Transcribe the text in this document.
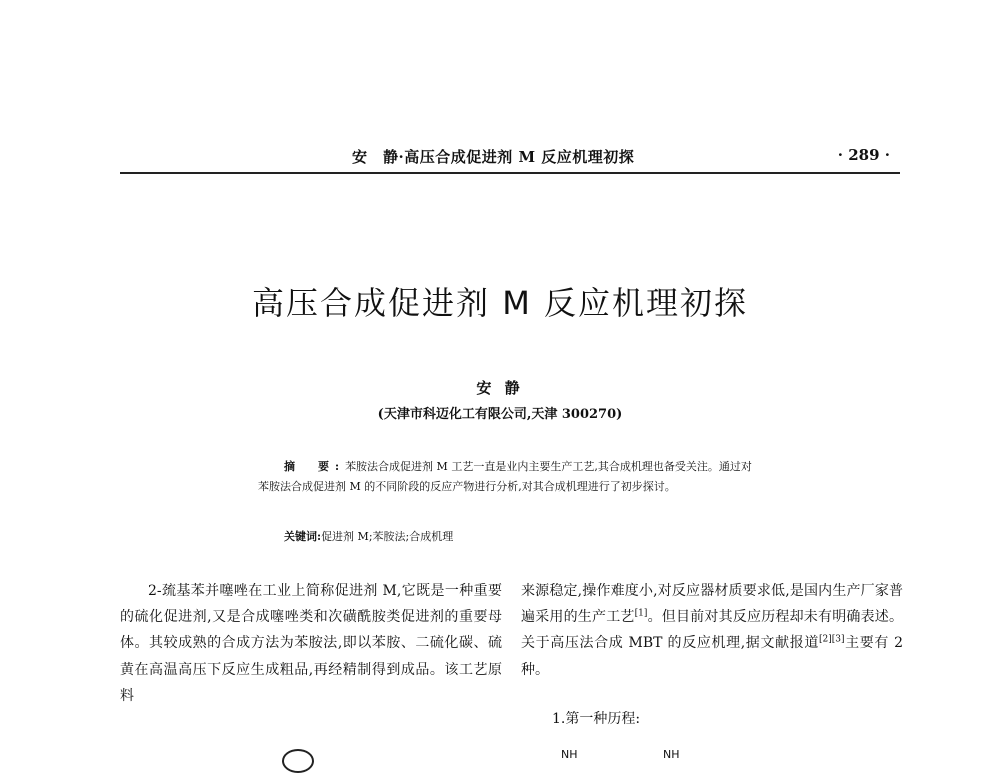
安　静·高压合成促进剂 M 反应机理初探	· 289 ·
高压合成促进剂 M 反应机理初探
安 静
(天津市科迈化工有限公司,天津 300270)
摘　要:苯胺法合成促进剂 M 工艺一直是业内主要生产工艺,其合成机理也备受关注。通过对苯胺法合成促进剂 M 的不同阶段的反应产物进行分析,对其合成机理进行了初步探讨。
关键词:促进剂 M;苯胺法;合成机理
2-巯基苯并噻唑在工业上简称促进剂 M,它既是一种重要的硫化促进剂,又是合成噻唑类和次磺酰胺类促进剂的重要母体。其较成熟的合成方法为苯胺法,即以苯胺、二硫化碳、硫黄在高温高压下反应生成粗品,再经精制得到成品。该工艺原料
来源稳定,操作难度小,对反应器材质要求低,是国内生产厂家普遍采用的生产工艺[1]。但目前对其反应历程却未有明确表述。关于高压法合成 MBT 的反应机理,据文献报道[2][3]主要有 2 种。
1.第一种历程:
NH	NH
